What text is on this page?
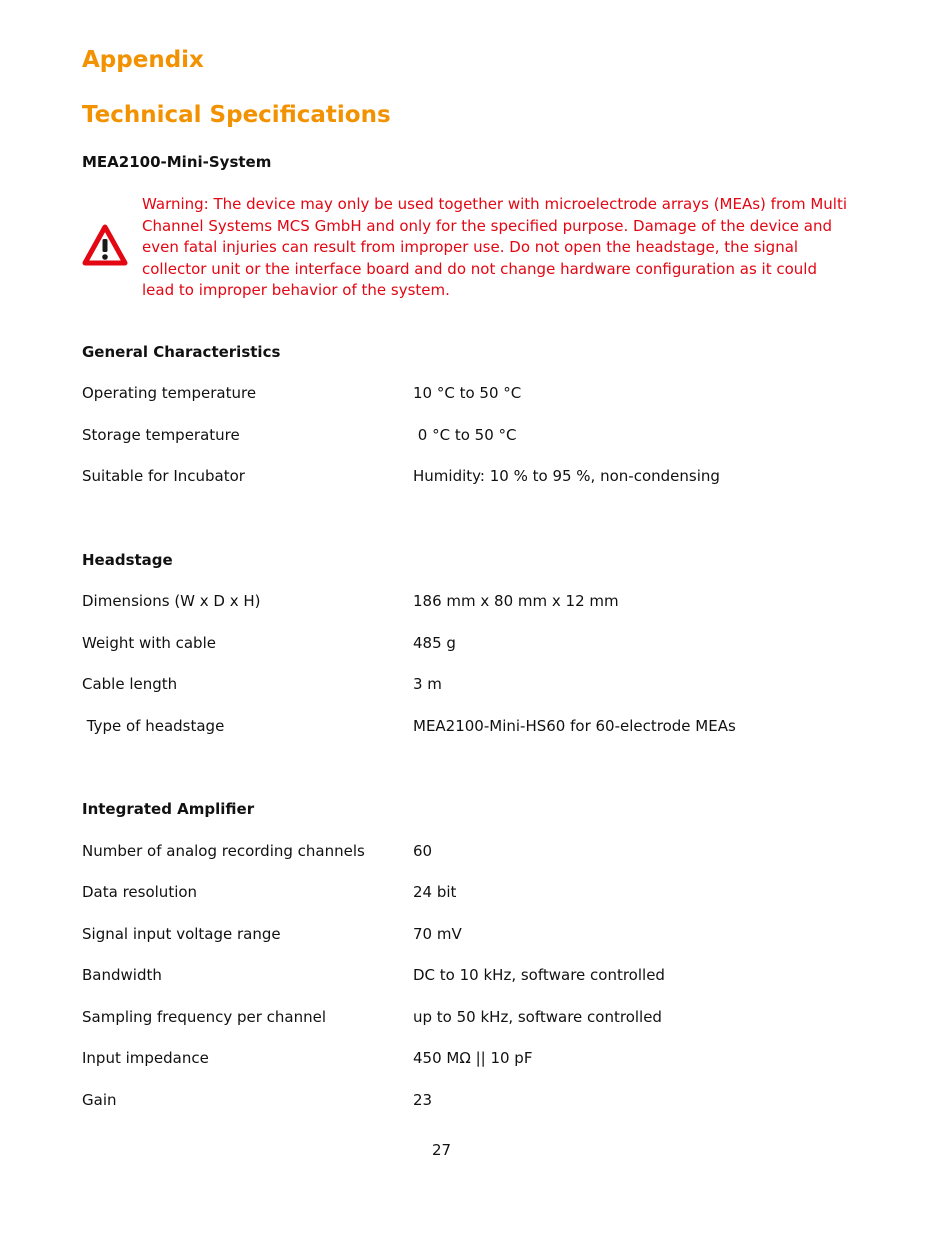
Appendix
Technical Specifications
MEA2100-Mini-System
Warning: The device may only be used together with microelectrode arrays (MEAs) from Multi Channel Systems MCS GmbH and only for the specified purpose. Damage of the device and even fatal injuries can result from improper use. Do not open the headstage, the signal collector unit or the interface board and do not change hardware configuration as it could lead to improper behavior of the system.
General Characteristics
Operating temperature	10 °C to 50 °C
Storage temperature	0 °C to 50 °C
Suitable for Incubator	Humidity: 10 % to 95 %, non-condensing
Headstage
Dimensions (W x D x H)	186 mm x 80 mm x 12 mm
Weight with cable	485 g
Cable length	3 m
Type of headstage	MEA2100-Mini-HS60 for 60-electrode MEAs
Integrated Amplifier
Number of analog recording channels	60
Data resolution	24 bit
Signal input voltage range	70 mV
Bandwidth	DC to 10 kHz, software controlled
Sampling frequency per channel	up to 50 kHz, software controlled
Input impedance	450 MΩ || 10 pF
Gain	23
27
